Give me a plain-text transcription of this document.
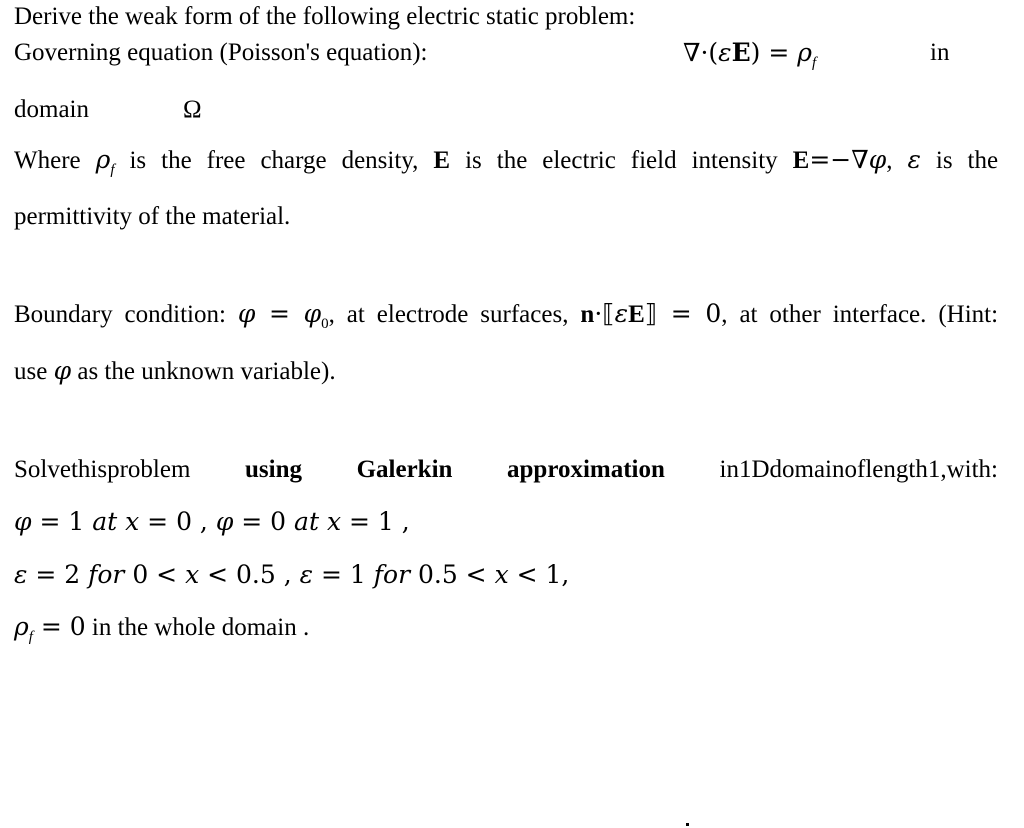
Derive the weak form of the following electric static problem:
Governing equation (Poisson's equation):	$\nabla\cdot(\varepsilon E) = \rho_f$	in
domain	Ω
Where $\rho_f$ is the free charge density, E is the electric field intensity E=−∇φ, ε is the
permittivity of the material.
Boundary condition: $\varphi = \varphi_0$, at electrode surfaces, n·⟦εE⟧ = 0, at other interface. (Hint:
use φ as the unknown variable).
Solvethisproblem using Galerkin approximation in1Ddomainoflength1,with:
φ = 1 at x = 0 , φ = 0 at x = 1 ,
ε = 2 for 0 < x < 0.5 , ε = 1 for 0.5 < x < 1,
$\rho_f = 0$ in the whole domain .
